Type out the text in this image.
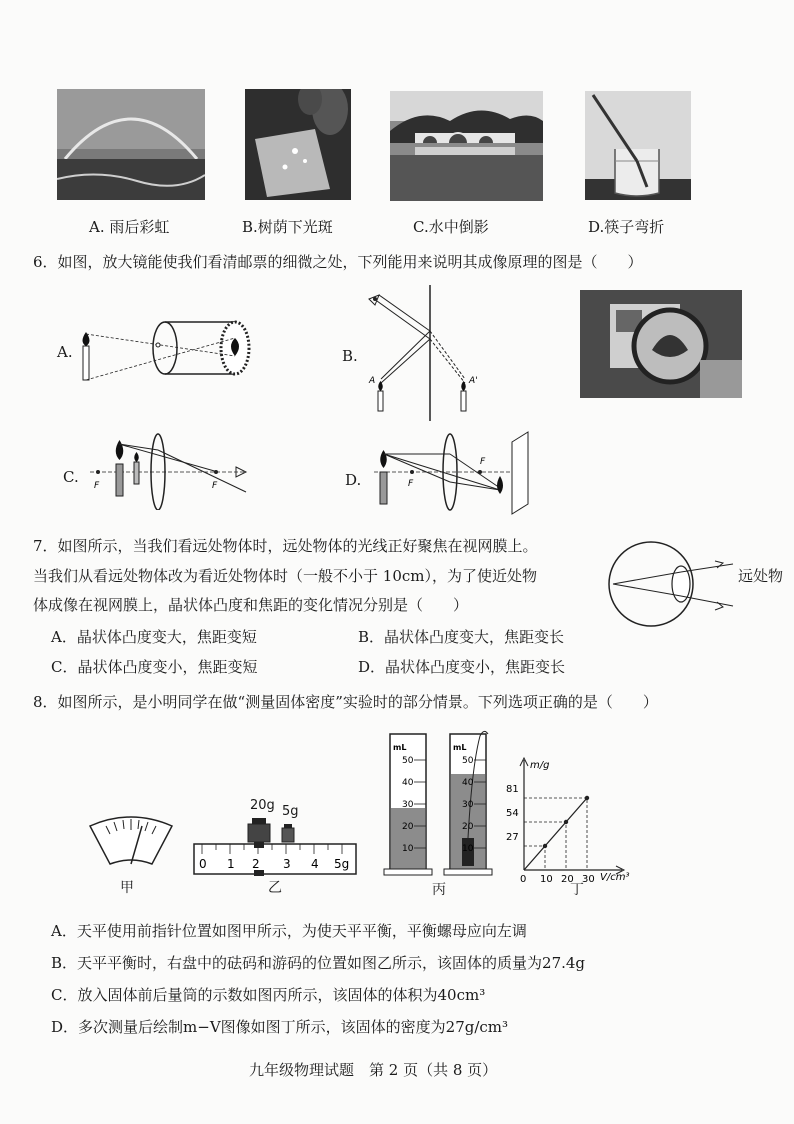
A. 雨后彩虹	B.树荫下光斑	C.水中倒影	D.筷子弯折
6．如图，放大镜能使我们看清邮票的细微之处，下列能用来说明其成像原理的图是（　　）
A.	B.
A	A'
C. F	F	D.	F
F
7．如图所示，当我们看远处物体时，远处物体的光线正好聚焦在视网膜上。
当我们从看远处物体改为看近处物体时（一般不小于 10cm），为了使近处物
体成像在视网膜上，晶状体凸度和焦距的变化情况分别是（　　）
远处物
A．晶状体凸度变大，焦距变短	B．晶状体凸度变大，焦距变长
C．晶状体凸度变小，焦距变短	D．晶状体凸度变小，焦距变长
8．如图所示，是小明同学在做“测量固体密度”实验时的部分情景。下列选项正确的是（　　）
甲
20g 5g
0 1 2 3 4 5g
乙
mL
50
40
30
20
10
mL
50
40
30
20
10
丙
m/g
V/cm³
81
54
27
0 10 20 30
丁
A．天平使用前指针位置如图甲所示，为使天平平衡，平衡螺母应向左调
B．天平平衡时，右盘中的砝码和游码的位置如图乙所示，该固体的质量为27.4g
C．放入固体前后量筒的示数如图丙所示，该固体的体积为40cm³
D．多次测量后绘制m−V图像如图丁所示，该固体的密度为27g/cm³
九年级物理试题　第 2 页（共 8 页）
